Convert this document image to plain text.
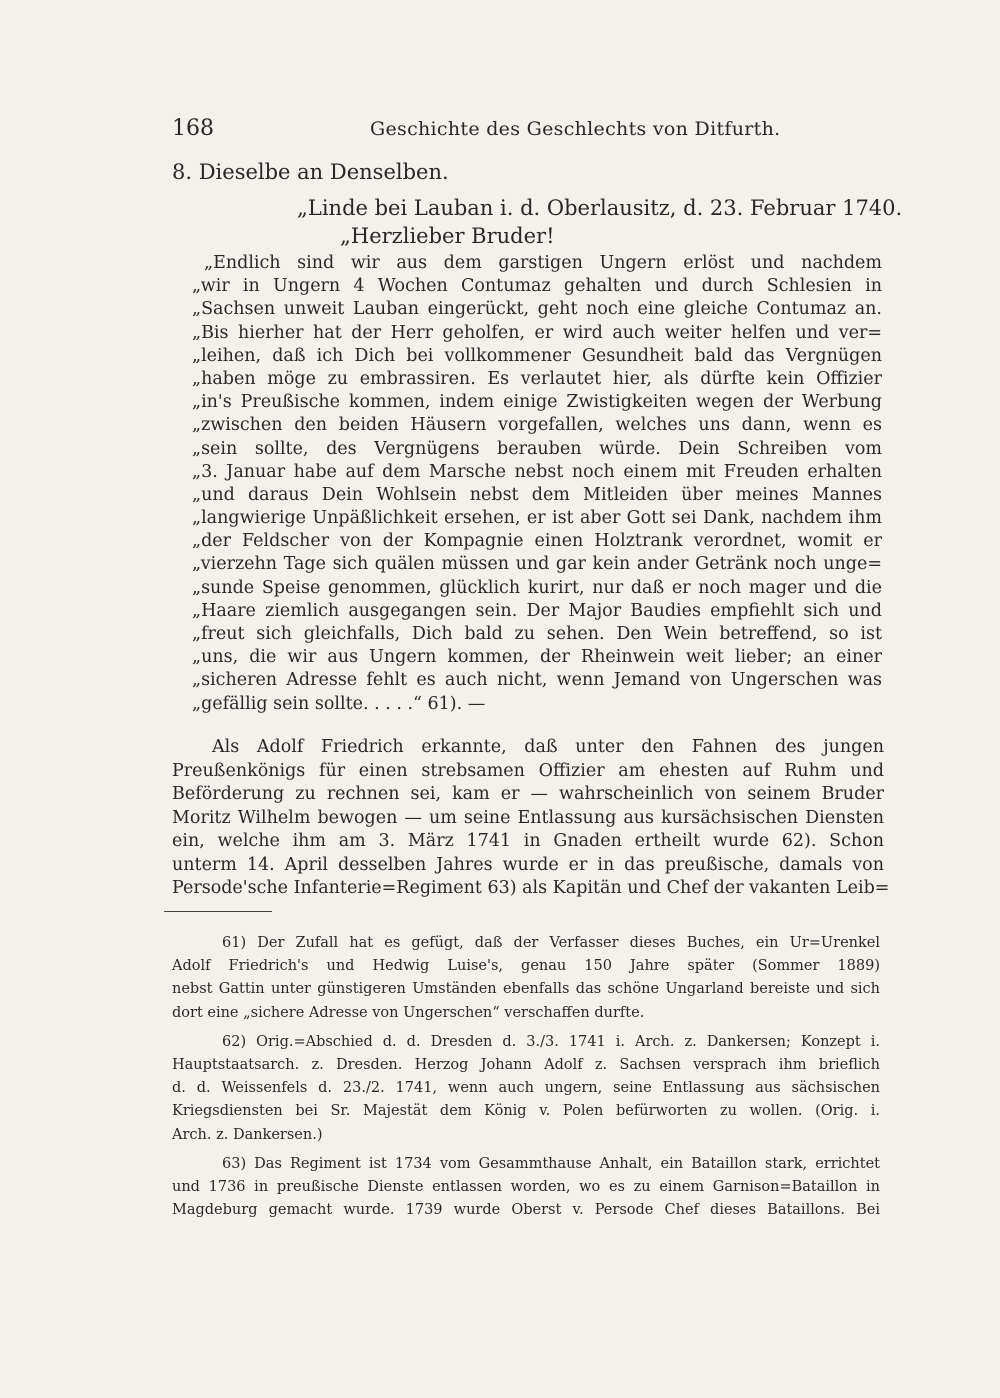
168	Geschichte des Geschlechts von Ditfurth.
8. Dieselbe an Denselben.
„Linde bei Lauban i. d. Oberlausitz, d. 23. Februar 1740.
„Herzlieber Bruder!
„Endlich sind wir aus dem garstigen Ungern erlöst und nachdem
„wir in Ungern 4 Wochen Contumaz gehalten und durch Schlesien in
„Sachsen unweit Lauban eingerückt, geht noch eine gleiche Contumaz an.
„Bis hierher hat der Herr geholfen, er wird auch weiter helfen und ver=
„leihen, daß ich Dich bei vollkommener Gesundheit bald das Vergnügen
„haben möge zu embrassiren. Es verlautet hier, als dürfte kein Offizier
„in's Preußische kommen, indem einige Zwistigkeiten wegen der Werbung
„zwischen den beiden Häusern vorgefallen, welches uns dann, wenn es
„sein sollte, des Vergnügens berauben würde. Dein Schreiben vom
„3. Januar habe auf dem Marsche nebst noch einem mit Freuden erhalten
„und daraus Dein Wohlsein nebst dem Mitleiden über meines Mannes
„langwierige Unpäßlichkeit ersehen, er ist aber Gott sei Dank, nachdem ihm
„der Feldscher von der Kompagnie einen Holztrank verordnet, womit er
„vierzehn Tage sich quälen müssen und gar kein ander Getränk noch unge=
„sunde Speise genommen, glücklich kurirt, nur daß er noch mager und die
„Haare ziemlich ausgegangen sein. Der Major Baudies empfiehlt sich und
„freut sich gleichfalls, Dich bald zu sehen. Den Wein betreffend, so ist
„uns, die wir aus Ungern kommen, der Rheinwein weit lieber; an einer
„sicheren Adresse fehlt es auch nicht, wenn Jemand von Ungerschen was
„gefällig sein sollte. . . . .“ 61). —
Als Adolf Friedrich erkannte, daß unter den Fahnen des jungen
Preußenkönigs für einen strebsamen Offizier am ehesten auf Ruhm und
Beförderung zu rechnen sei, kam er — wahrscheinlich von seinem Bruder
Moritz Wilhelm bewogen — um seine Entlassung aus kursächsischen Diensten
ein, welche ihm am 3. März 1741 in Gnaden ertheilt wurde 62). Schon
unterm 14. April desselben Jahres wurde er in das preußische, damals von
Persode'sche Infanterie=Regiment 63) als Kapitän und Chef der vakanten Leib=
61) Der Zufall hat es gefügt, daß der Verfasser dieses Buches, ein Ur=Urenkel
Adolf Friedrich's und Hedwig Luise's, genau 150 Jahre später (Sommer 1889)
nebst Gattin unter günstigeren Umständen ebenfalls das schöne Ungarland bereiste und sich
dort eine „sichere Adresse von Ungerschen“ verschaffen durfte.
62) Orig.=Abschied d. d. Dresden d. 3./3. 1741 i. Arch. z. Dankersen; Konzept i.
Hauptstaatsarch. z. Dresden. Herzog Johann Adolf z. Sachsen versprach ihm brieflich
d. d. Weissenfels d. 23./2. 1741, wenn auch ungern, seine Entlassung aus sächsischen
Kriegsdiensten bei Sr. Majestät dem König v. Polen befürworten zu wollen. (Orig. i.
Arch. z. Dankersen.)
63) Das Regiment ist 1734 vom Gesammthause Anhalt, ein Bataillon stark, errichtet
und 1736 in preußische Dienste entlassen worden, wo es zu einem Garnison=Bataillon in
Magdeburg gemacht wurde. 1739 wurde Oberst v. Persode Chef dieses Bataillons. Bei
